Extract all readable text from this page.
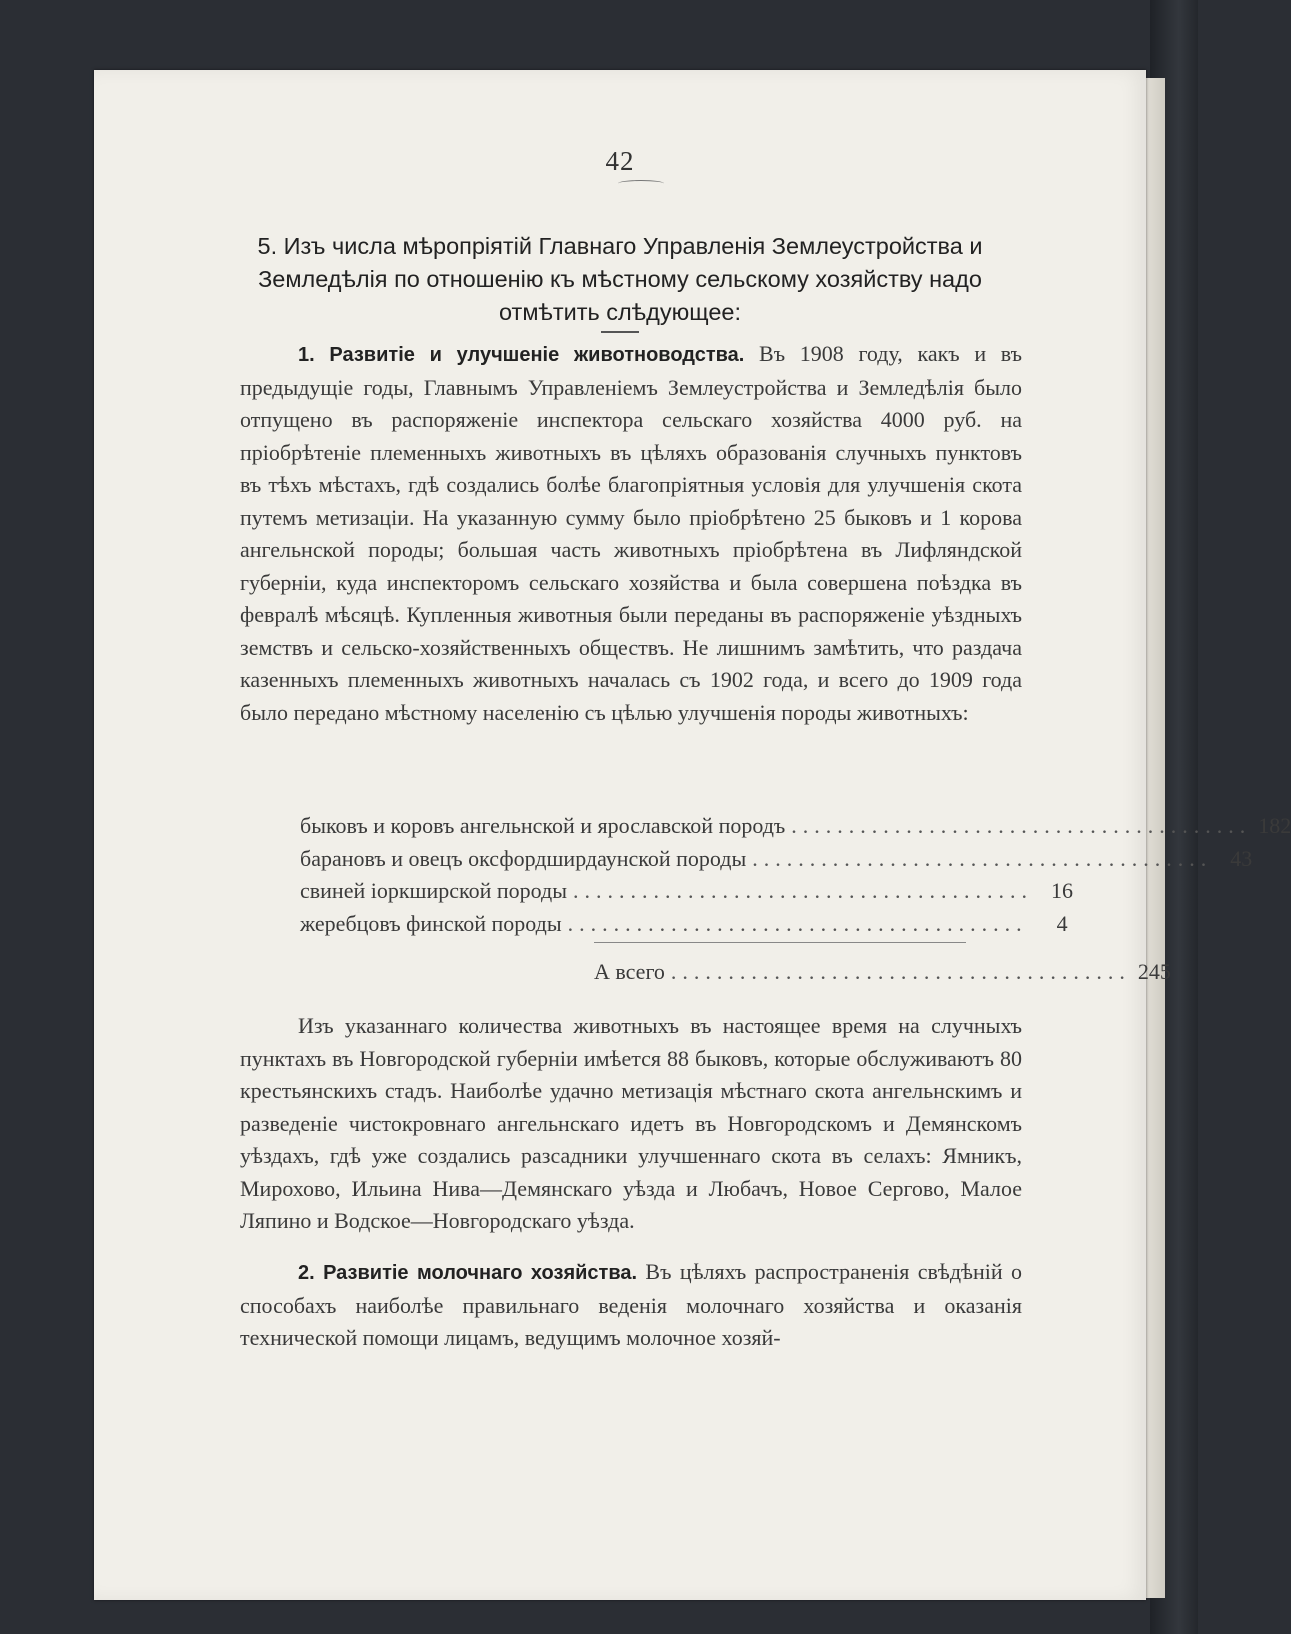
42
5. Изъ числа мѣропріятій Главнаго Управленія Землеустройства и Земледѣлія по отношенію къ мѣстному сельскому хозяйству надо отмѣтить слѣдующее:
1. Развитіе и улучшеніе животноводства. Въ 1908 году, какъ и въ предыдущіе годы, Главнымъ Управленіемъ Землеустройства и Земледѣлія было отпущено въ распоряженіе инспектора сельскаго хозяйства 4000 руб. на пріобрѣтеніе племенныхъ животныхъ въ цѣляхъ образованія случныхъ пунктовъ въ тѣхъ мѣстахъ, гдѣ создались болѣе благопріятныя условія для улучшенія скота путемъ метизаціи. На указанную сумму было пріобрѣтено 25 быковъ и 1 корова ангельнской породы; большая часть животныхъ пріобрѣтена въ Лифляндской губерніи, куда инспекторомъ сельскаго хозяйства и была совершена поѣздка въ февралѣ мѣсяцѣ. Купленныя животныя были переданы въ распоряженіе уѣздныхъ земствъ и сельско-хозяйственныхъ обществъ. Не лишнимъ замѣтить, что раздача казенныхъ племенныхъ животныхъ началась съ 1902 года, и всего до 1909 года было передано мѣстному населенію съ цѣлью улучшенія породы животныхъ:
быковъ и коровъ ангельнской и ярославской породъ ........................................ 182
барановъ и овецъ оксфордширдаунской породы ........................................ 43
свиней іоркширской породы ........................................ 16
жеребцовъ финской породы ........................................	4
А всего ........................................ 245
Изъ указаннаго количества животныхъ въ настоящее время на случныхъ пунктахъ въ Новгородской губерніи имѣется 88 быковъ, которые обслуживаютъ 80 крестьянскихъ стадъ. Наиболѣе удачно метизація мѣстнаго скота ангельнскимъ и разведеніе чистокровнаго ангельнскаго идетъ въ Новгородскомъ и Демянскомъ уѣздахъ, гдѣ уже создались разсадники улучшеннаго скота въ селахъ: Ямникъ, Мирохово, Ильина Нива—Демянскаго уѣзда и Любачъ, Новое Сергово, Малое Ляпино и Водское—Новгородскаго уѣзда.
2. Развитіе молочнаго хозяйства. Въ цѣляхъ распространенія свѣдѣній о способахъ наиболѣе правильнаго веденія молочнаго хозяйства и оказанія технической помощи лицамъ, ведущимъ молочное хозяй-
